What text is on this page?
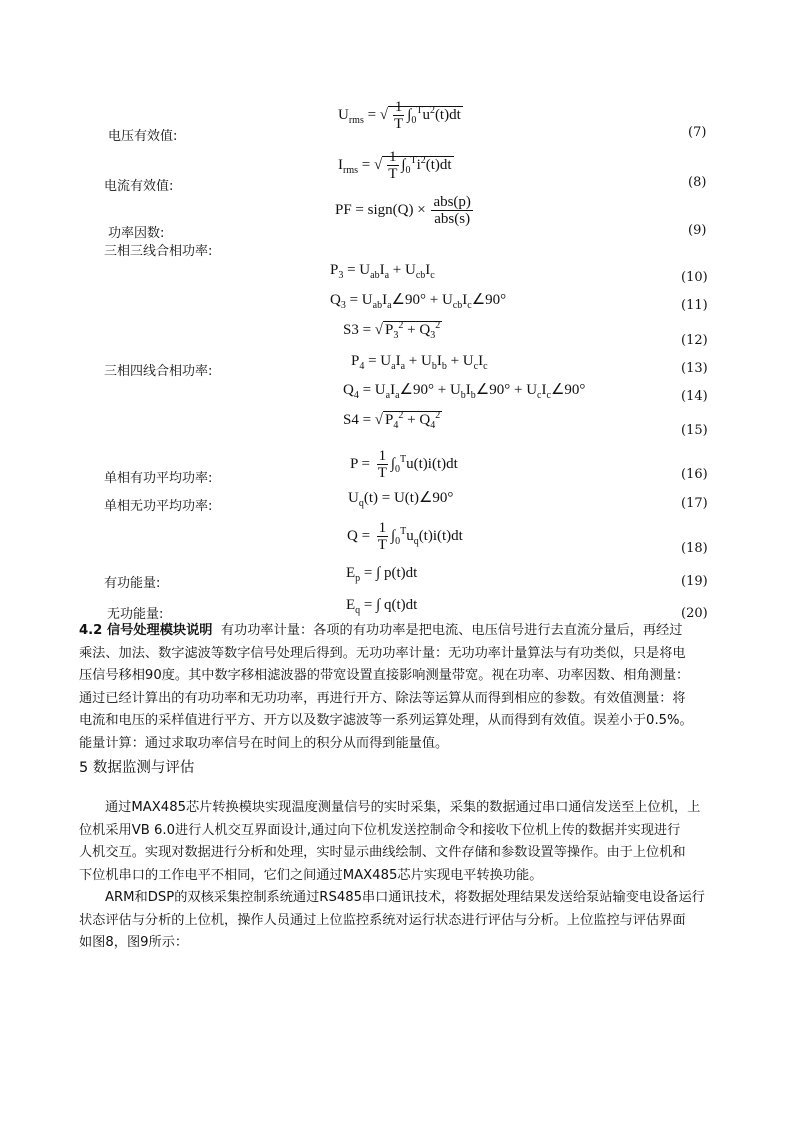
电压有效值:
电流有效值:
功率因数:
三相三线合相功率:
三相四线合相功率:
单相有功平均功率:
单相无功平均功率:
有功能量:
无功能量:
(7)
(8)
(9)
(10)
(11)
(12)
(13)
(14)
(15)
(16)
(17)
(18)
(19)
(20)
$U_{rms}$ = √ $\frac{1}{T} \int_0^Tu^2(t)dt$
$I_{rms}$ = √ $\frac{1}{T} \int_0^Ti^2(t)dt$
PF = sign(Q) × $\frac{\text{abs(p)}}{\text{abs(s)}}$
$P_3 = U_{ab}I_a + U_{cb}I_c$
$Q_3$ = $U_{ab}I_a\angle 90^\circ$ + $U_{cb}I_c\angle 90^\circ$
S3 = √ $P_3^2 + Q_3^2$
$P_4 = U_aI_a + U_bI_b + U_cI_c$
$Q_4$ = $U_aI_a\angle 90^\circ$ + $U_bI_b\angle 90^\circ$ + $U_cI_c\angle 90^\circ$
S4 = √ $P_4^2 + Q_4^2$
$P = \frac{1}{T} \int_0^Tu(t)i(t)dt$
$U_q(t)$ = U(t)∠90°
$Q = \frac{1}{T} \int_0^Tu_q(t)i(t)dt$
$E_p$ = ∫ p(t)dt
$E_q$ = ∫ q(t)dt
4.2 信号处理模块说明 有功功率计量：各项的有功功率是把电流、电压信号进行去直流分量后，再经过
乘法、加法、数字滤波等数字信号处理后得到。无功功率计量：无功功率计量算法与有功类似，只是将电
压信号移相90度。其中数字移相滤波器的带宽设置直接影响测量带宽。视在功率、功率因数、相角测量：
通过已经计算出的有功功率和无功功率，再进行开方、除法等运算从而得到相应的参数。有效值测量：将
电流和电压的采样值进行平方、开方以及数字滤波等一系列运算处理，从而得到有效值。误差小于0.5%。
能量计算：通过求取功率信号在时间上的积分从而得到能量值。
5 数据监测与评估
通过MAX485芯片转换模块实现温度测量信号的实时采集，采集的数据通过串口通信发送至上位机，上
位机采用VB 6.0进行人机交互界面设计,通过向下位机发送控制命令和接收下位机上传的数据并实现进行
人机交互。实现对数据进行分析和处理，实时显示曲线绘制、文件存储和参数设置等操作。由于上位机和
下位机串口的工作电平不相同，它们之间通过MAX485芯片实现电平转换功能。
ARM和DSP的双核采集控制系统通过RS485串口通讯技术，将数据处理结果发送给泵站输变电设备运行
状态评估与分析的上位机，操作人员通过上位监控系统对运行状态进行评估与分析。上位监控与评估界面
如图8，图9所示：
